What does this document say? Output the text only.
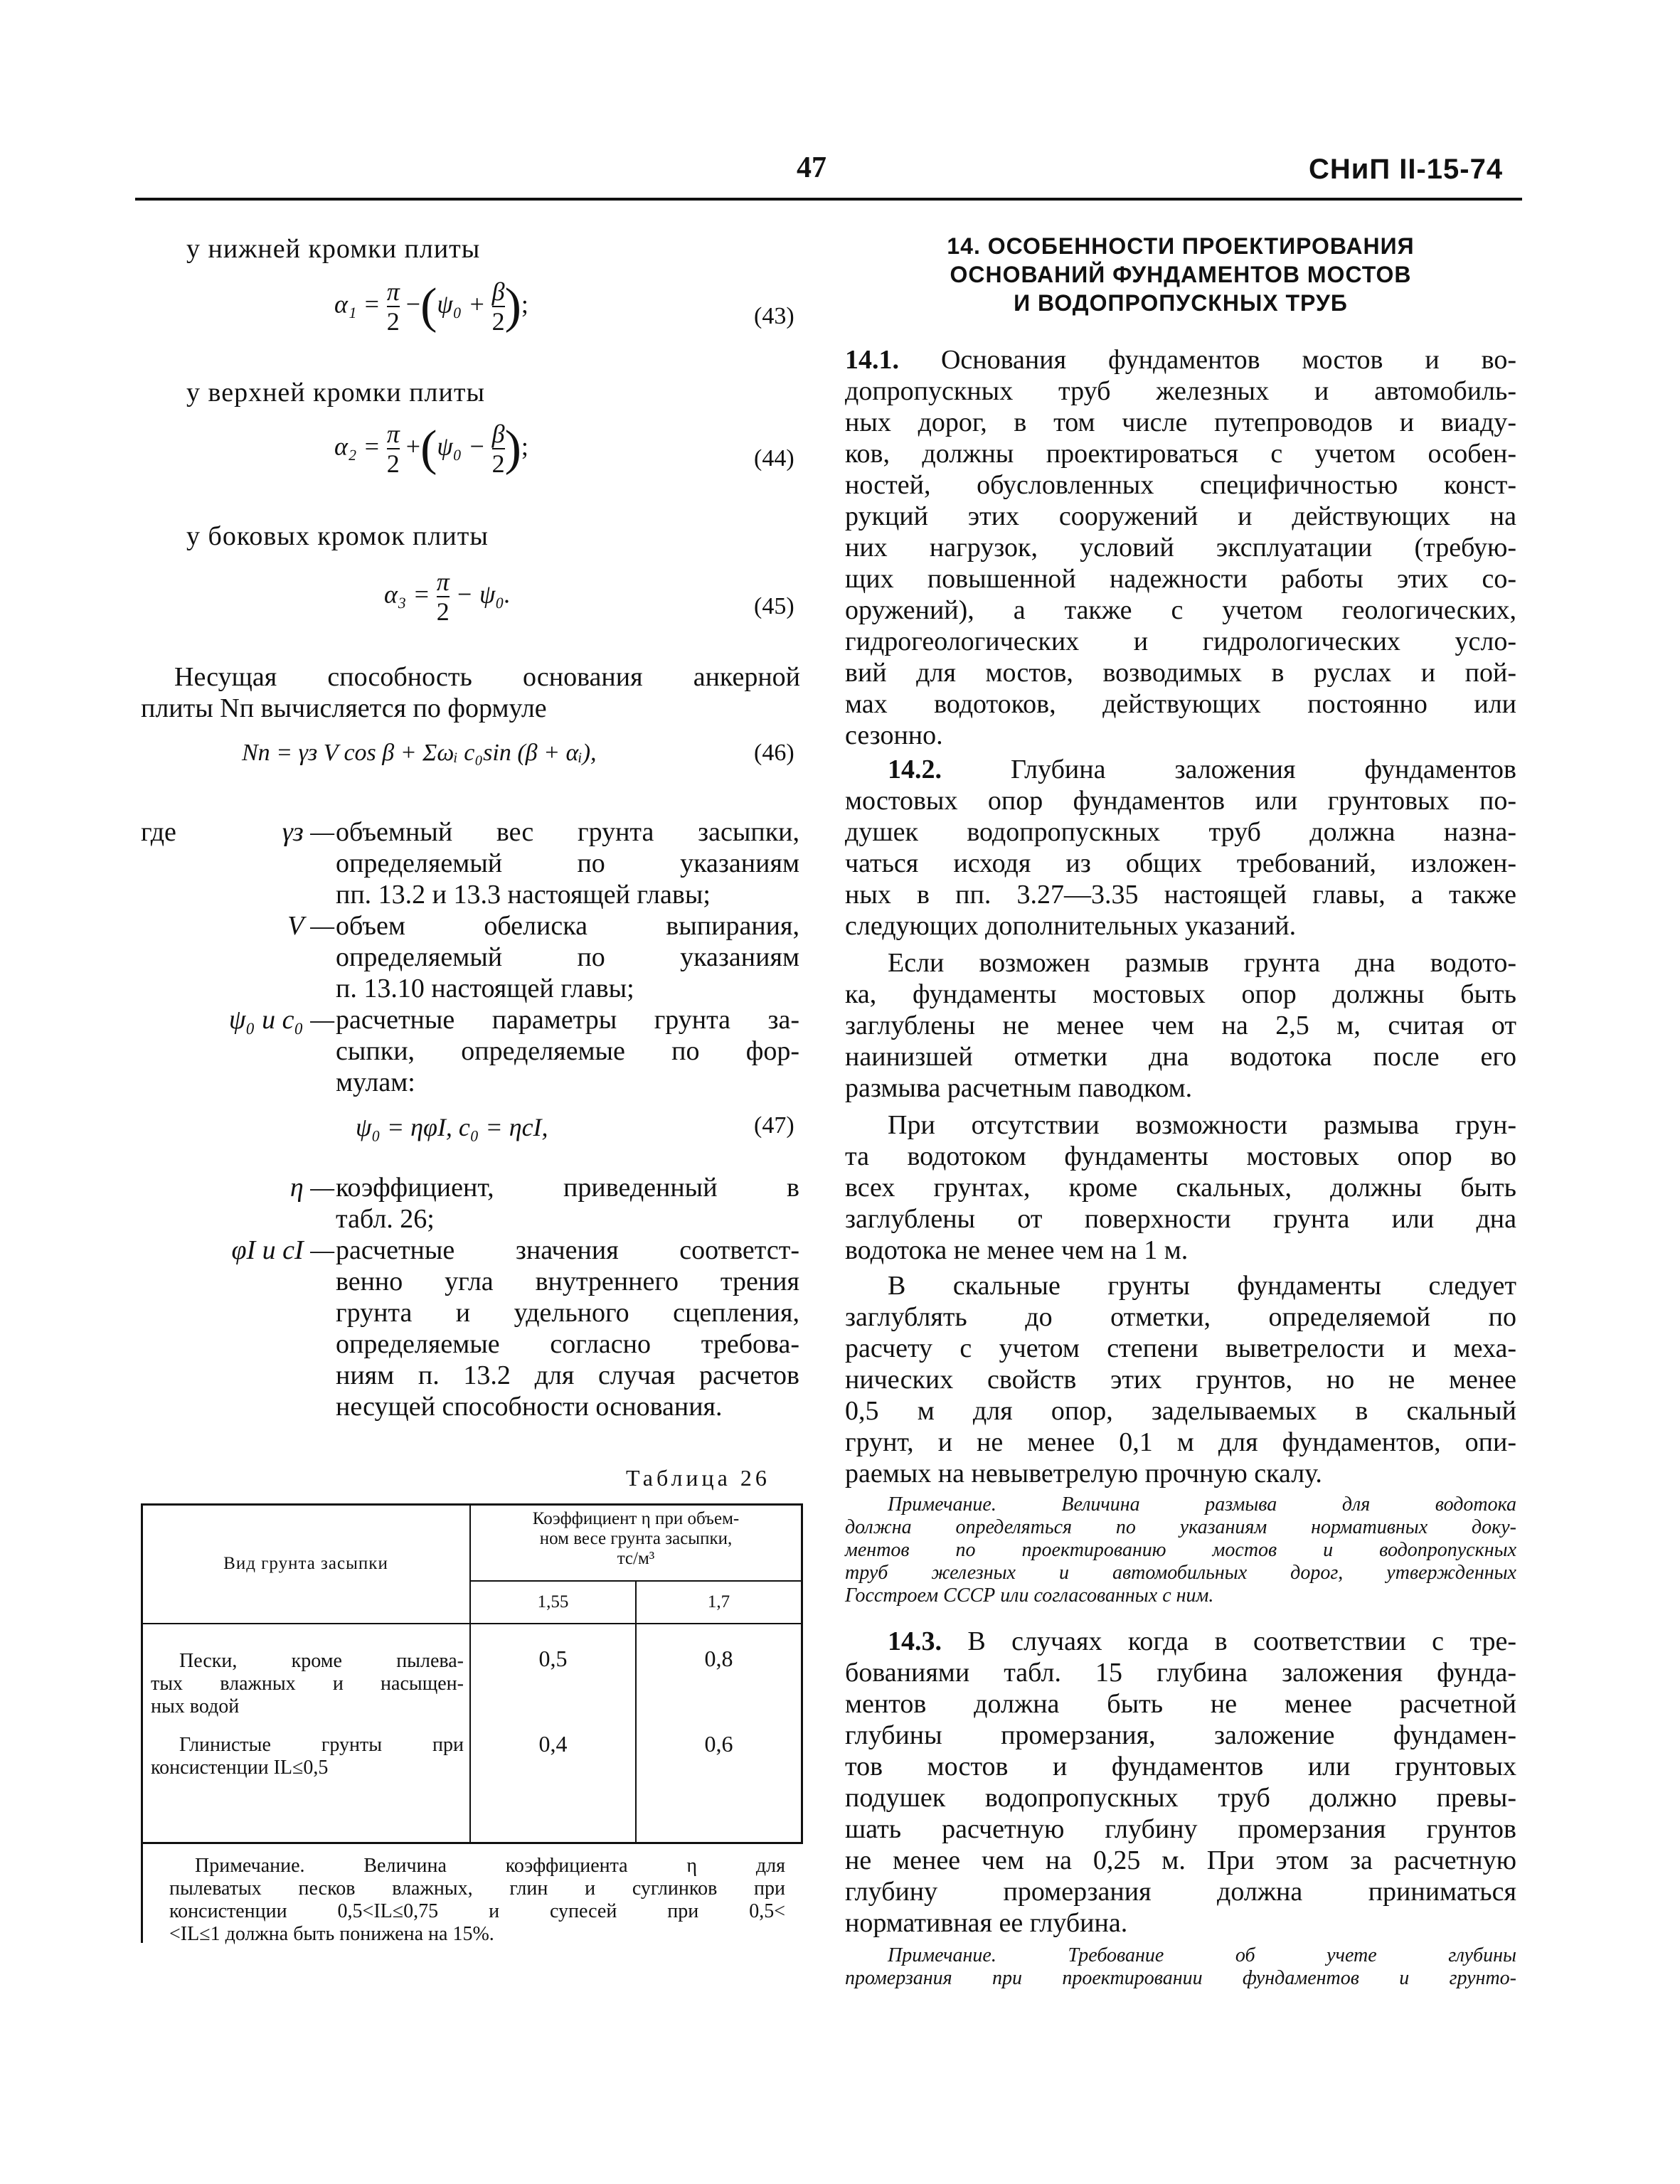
47	СНиП II-15-74
у нижней кромки плиты
$\alpha_1 = \frac{\pi}{2} -(\psi_0 + \frac{\beta}{2}$ );	(43)
у верхней кромки плиты
$\alpha_2 = \frac{\pi}{2} +(\psi_0 - \frac{\beta}{2}$ );	(44)
у боковых кромок плиты
$\alpha_3 = \frac{\pi}{2} - \psi_0$.	(45)
Несущая способность основания анкерной
плиты Nп вычисляется по формуле
Nп = γз V cos β + Σωᵢ c₀sin (β + αᵢ),	(46)
где	γз — объемный вес грунта засыпки,
определяемый по указаниям
пп. 13.2 и 13.3 настоящей главы;
V — объем обелиска выпирания,
определяемый по указаниям
п. 13.10 настоящей главы;
ψ₀ и c₀ — расчетные параметры грунта за-
сыпки, определяемые по фор-
мулам:
ψ₀ = ηφI, c₀ = ηcI,	(47)
η — коэффициент, приведенный в
табл. 26;
φI и cI — расчетные значения соответст-
венно угла внутреннего трения
грунта и удельного сцепления,
определяемые согласно требова-
ниям п. 13.2 для случая расчетов
несущей способности основания.
Таблица 26
Вид грунта засыпки
Коэффициент η при объем-
ном весе грунта засыпки,
тс/м³
1,55	1,7
Пески, кроме пылева-
тых влажных и насыщен-
ных водой
0,5	0,8
Глинистые грунты при
консистенции IL≤0,5
0,4	0,6
Примечание. Величина коэффициента η для
пылеватых песков влажных, глин и суглинков при
консистенции 0,5<IL≤0,75 и супесей при 0,5<
<IL≤1 должна быть понижена на 15%.
14. ОСОБЕННОСТИ ПРОЕКТИРОВАНИЯ
ОСНОВАНИЙ ФУНДАМЕНТОВ МОСТОВ
И ВОДОПРОПУСКНЫХ ТРУБ
14.1. Основания фундаментов мостов и во-
допропускных труб железных и автомобиль-
ных дорог, в том числе путепроводов и виаду-
ков, должны проектироваться с учетом особен-
ностей, обусловленных специфичностью конст-
рукций этих сооружений и действующих на
них нагрузок, условий эксплуатации (требую-
щих повышенной надежности работы этих со-
оружений), а также с учетом геологических,
гидрогеологических и гидрологических усло-
вий для мостов, возводимых в руслах и пой-
мах водотоков, действующих постоянно или
сезонно.
14.2.	Глубина заложения фундаментов
мостовых опор фундаментов или грунтовых по-
душек водопропускных труб должна назна-
чаться исходя из общих требований, изложен-
ных в пп. 3.27—3.35 настоящей главы, а также
следующих дополнительных указаний.
Если возможен размыв грунта дна водото-
ка, фундаменты мостовых опор должны быть
заглублены не менее чем на 2,5 м, считая от
наинизшей отметки дна водотока после его
размыва расчетным паводком.
При отсутствии возможности размыва грун-
та водотоком фундаменты мостовых опор во
всех грунтах, кроме скальных, должны быть
заглублены от поверхности грунта или дна
водотока не менее чем на 1 м.
В скальные грунты фундаменты следует
заглублять до отметки, определяемой по
расчету с учетом степени выветрелости и меха-
нических свойств этих грунтов, но не менее
0,5 м для опор, заделываемых в скальный
грунт, и не менее 0,1 м для фундаментов, опи-
раемых на невыветрелую прочную скалу.
Примечание. Величина размыва для водотока
должна определяться по указаниям нормативных доку-
ментов по проектированию мостов и водопропускных
труб железных и автомобильных дорог, утвержденных
Госстроем СССР или согласованных с ним.
14.3. В случаях когда в соответствии с тре-
бованиями табл. 15 глубина заложения фунда-
ментов должна быть не менее расчетной
глубины промерзания, заложение фундамен-
тов мостов и фундаментов или грунтовых
подушек водопропускных труб должно превы-
шать расчетную глубину промерзания грунтов
не менее чем на 0,25 м. При этом за расчетную
глубину промерзания должна приниматься
нормативная ее глубина.
Примечание. Требование об учете глубины
промерзания при проектировании фундаментов и грунто-
